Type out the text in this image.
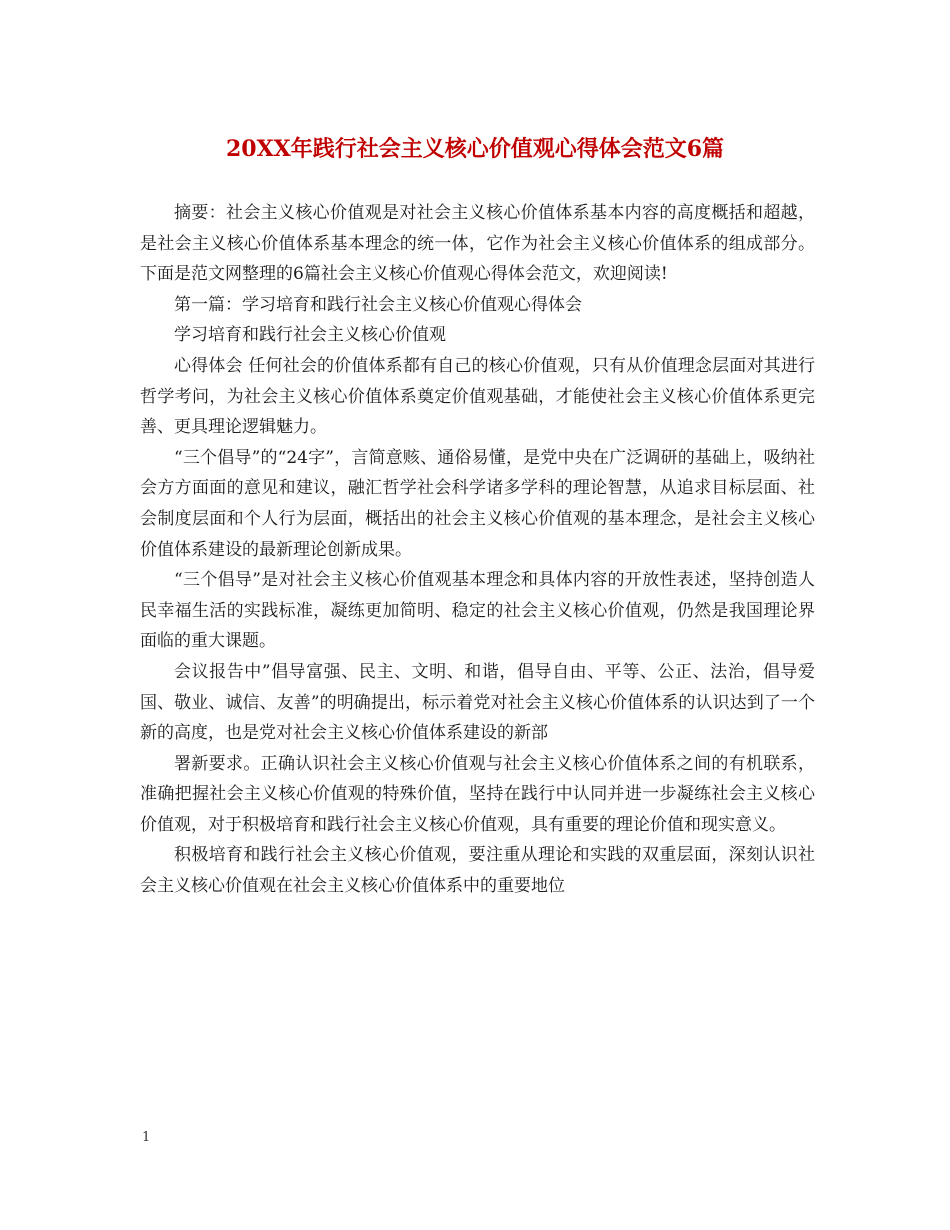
20XX年践行社会主义核心价值观心得体会范文6篇

摘要：社会主义核心价值观是对社会主义核心价值体系基本内容的高度概括和超越，是社会主义核心价值体系基本理念的统一体，它作为社会主义核心价值体系的组成部分。下面是范文网整理的6篇社会主义核心价值观心得体会范文，欢迎阅读!

第一篇：学习培育和践行社会主义核心价值观心得体会

学习培育和践行社会主义核心价值观

心得体会 任何社会的价值体系都有自己的核心价值观，只有从价值理念层面对其进行哲学考问，为社会主义核心价值体系奠定价值观基础，才能使社会主义核心价值体系更完善、更具理论逻辑魅力。

“三个倡导”的“24字”，言简意赅、通俗易懂，是党中央在广泛调研的基础上，吸纳社会方方面面的意见和建议，融汇哲学社会科学诸多学科的理论智慧，从追求目标层面、社会制度层面和个人行为层面，概括出的社会主义核心价值观的基本理念，是社会主义核心价值体系建设的最新理论创新成果。

“三个倡导”是对社会主义核心价值观基本理念和具体内容的开放性表述，坚持创造人民幸福生活的实践标准，凝练更加简明、稳定的社会主义核心价值观，仍然是我国理论界面临的重大课题。

会议报告中”倡导富强、民主、文明、和谐，倡导自由、平等、公正、法治，倡导爱国、敬业、诚信、友善”的明确提出，标示着党对社会主义核心价值体系的认识达到了一个新的高度，也是党对社会主义核心价值体系建设的新部

署新要求。正确认识社会主义核心价值观与社会主义核心价值体系之间的有机联系，准确把握社会主义核心价值观的特殊价值，坚持在践行中认同并进一步凝练社会主义核心价值观，对于积极培育和践行社会主义核心价值观，具有重要的理论价值和现实意义。

积极培育和践行社会主义核心价值观，要注重从理论和实践的双重层面，深刻认识社会主义核心价值观在社会主义核心价值体系中的重要地位

1
